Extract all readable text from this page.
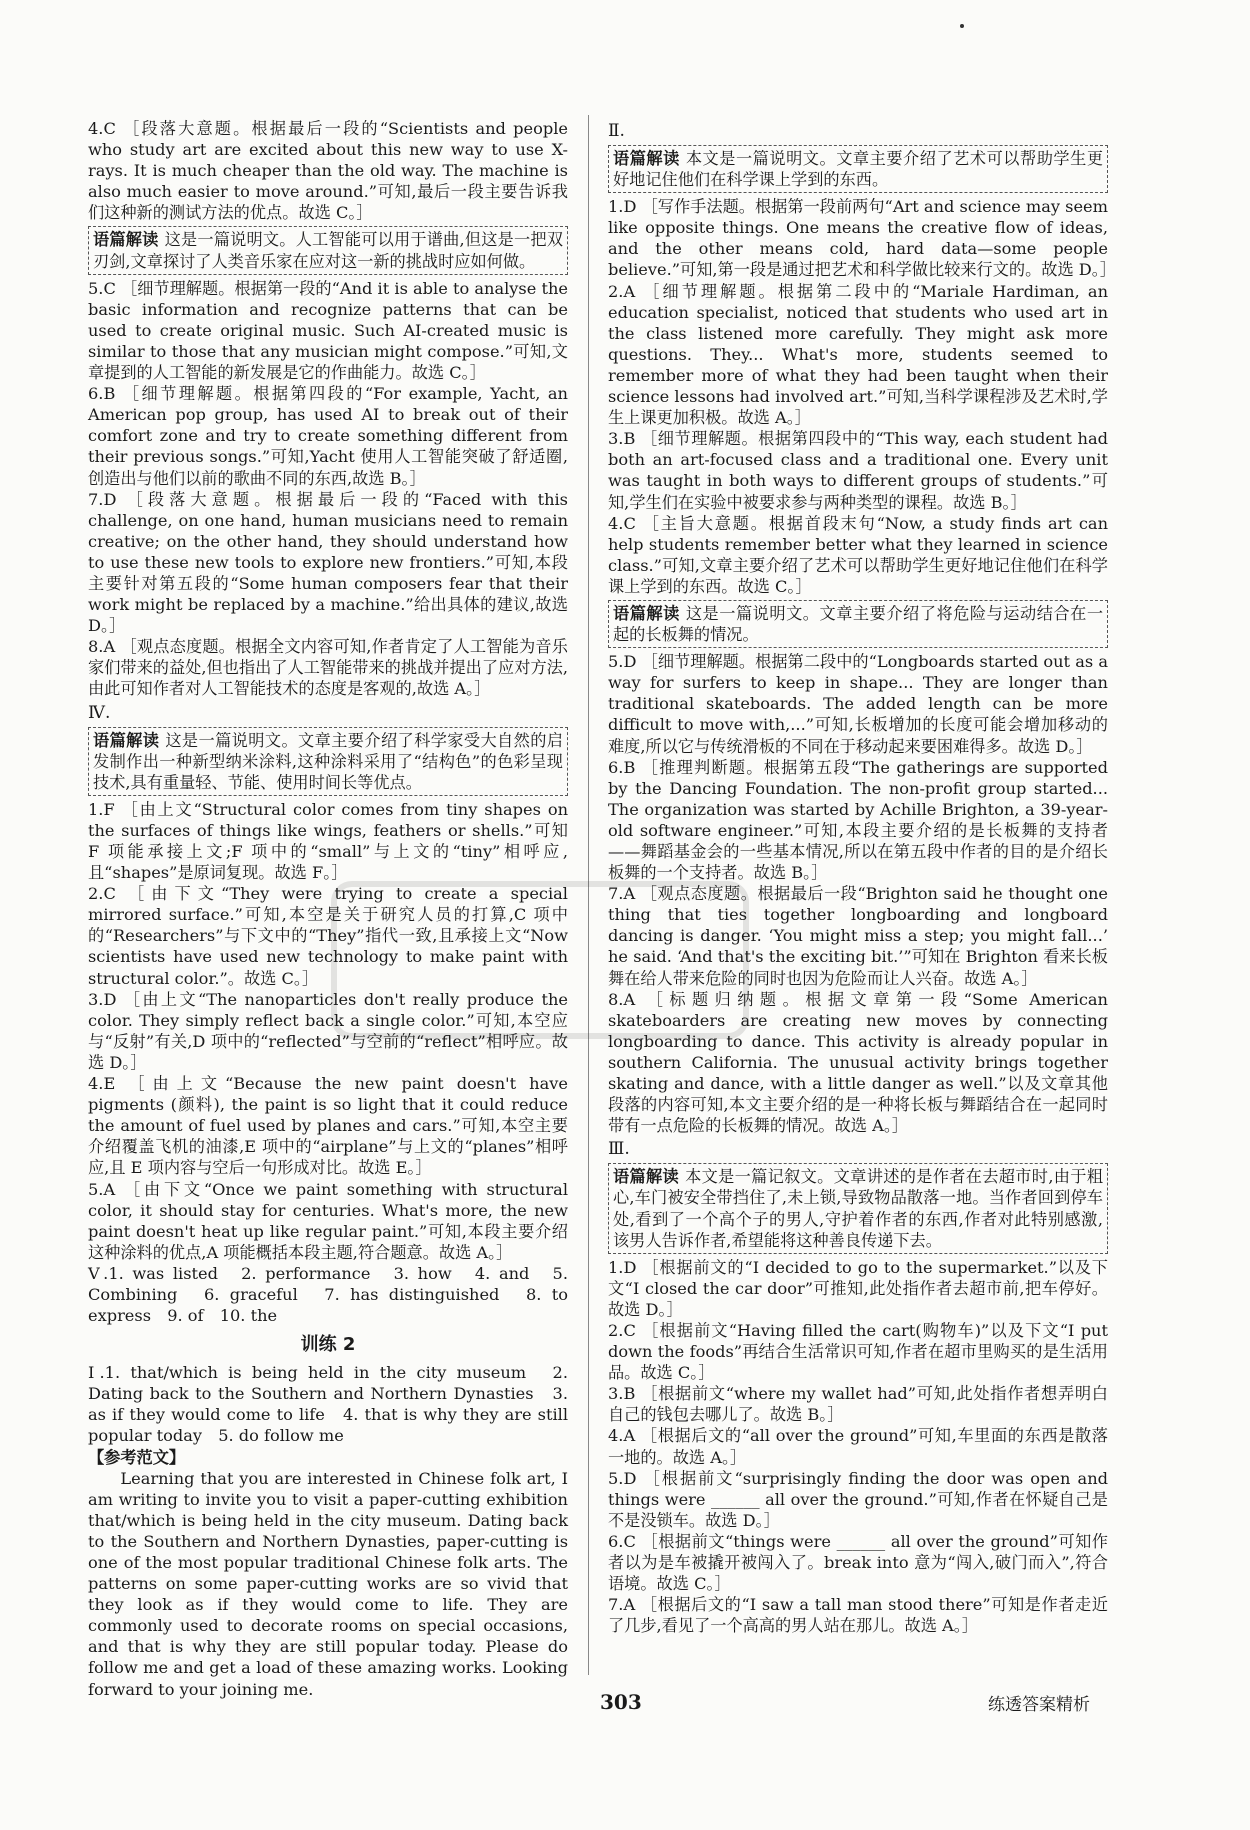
4.C ［段落大意题。根据最后一段的“Scientists and people who study art are excited about this new way to use X-rays. It is much cheaper than the old way. The machine is also much easier to move around.”可知,最后一段主要告诉我们这种新的测试方法的优点。故选 C。］

语篇解读 这是一篇说明文。人工智能可以用于谱曲,但这是一把双刃剑,文章探讨了人类音乐家在应对这一新的挑战时应如何做。

5.C ［细节理解题。根据第一段的“And it is able to analyse the basic information and recognize patterns that can be used to create original music. Such AI-created music is similar to those that any musician might compose.”可知,文章提到的人工智能的新发展是它的作曲能力。故选 C。］

6.B ［细节理解题。根据第四段的“For example, Yacht, an American pop group, has used AI to break out of their comfort zone and try to create something different from their previous songs.”可知,Yacht 使用人工智能突破了舒适圈,创造出与他们以前的歌曲不同的东西,故选 B。］

7.D ［段落大意题。根据最后一段的“Faced with this challenge, on one hand, human musicians need to remain creative; on the other hand, they should understand how to use these new tools to explore new frontiers.”可知,本段主要针对第五段的“Some human composers fear that their work might be replaced by a machine.”给出具体的建议,故选 D。］

8.A ［观点态度题。根据全文内容可知,作者肯定了人工智能为音乐家们带来的益处,但也指出了人工智能带来的挑战并提出了应对方法,由此可知作者对人工智能技术的态度是客观的,故选 A。］

Ⅳ.
语篇解读 这是一篇说明文。文章主要介绍了科学家受大自然的启发制作出一种新型纳米涂料,这种涂料采用了“结构色”的色彩呈现技术,具有重量轻、节能、使用时间长等优点。

1.F ［由上文“Structural color comes from tiny shapes on the surfaces of things like wings, feathers or shells.”可知 F 项能承接上文;F 项中的“small”与上文的“tiny”相呼应,且“shapes”是原词复现。故选 F。］

2.C ［由下文“They were trying to create a special mirrored surface.”可知,本空是关于研究人员的打算,C 项中的“Researchers”与下文中的“They”指代一致,且承接上文“Now scientists have used new technology to make paint with structural color.”。故选 C。］

3.D ［由上文“The nanoparticles don't really produce the color. They simply reflect back a single color.”可知,本空应与“反射”有关,D 项中的“reflected”与空前的“reflect”相呼应。故选 D。］

4.E ［由上文“Because the new paint doesn't have pigments (颜料), the paint is so light that it could reduce the amount of fuel used by planes and cars.”可知,本空主要介绍覆盖飞机的油漆,E 项中的“airplane”与上文的“planes”相呼应,且 E 项内容与空后一句形成对比。故选 E。］

5.A ［由下文“Once we paint something with structural color, it should stay for centuries. What's more, the new paint doesn't heat up like regular paint.”可知,本段主要介绍这种涂料的优点,A 项能概括本段主题,符合题意。故选 A。］

Ⅴ.1. was listed　2. performance　3. how　4. and　5. Combining　6. graceful　7. has distinguished　8. to express　9. of　10. the

训练 2

Ⅰ.1. that/which is being held in the city museum　2. Dating back to the Southern and Northern Dynasties　3. as if they would come to life　4. that is why they are still popular today　5. do follow me

【参考范文】

Learning that you are interested in Chinese folk art, I am writing to invite you to visit a paper-cutting exhibition that/which is being held in the city museum. Dating back to the Southern and Northern Dynasties, paper-cutting is one of the most popular traditional Chinese folk arts. The patterns on some paper-cutting works are so vivid that they look as if they would come to life. They are commonly used to decorate rooms on special occasions, and that is why they are still popular today. Please do follow me and get a load of these amazing works. Looking forward to your joining me.

Ⅱ.
语篇解读 本文是一篇说明文。文章主要介绍了艺术可以帮助学生更好地记住他们在科学课上学到的东西。

1.D ［写作手法题。根据第一段前两句“Art and science may seem like opposite things. One means the creative flow of ideas, and the other means cold, hard data—some people believe.”可知,第一段是通过把艺术和科学做比较来行文的。故选 D。］

2.A ［细节理解题。根据第二段中的“Mariale Hardiman, an education specialist, noticed that students who used art in the class listened more carefully. They might ask more questions. They... What's more, students seemed to remember more of what they had been taught when their science lessons had involved art.”可知,当科学课程涉及艺术时,学生上课更加积极。故选 A。］

3.B ［细节理解题。根据第四段中的“This way, each student had both an art-focused class and a traditional one. Every unit was taught in both ways to different groups of students.”可知,学生们在实验中被要求参与两种类型的课程。故选 B。］

4.C ［主旨大意题。根据首段末句“Now, a study finds art can help students remember better what they learned in science class.”可知,文章主要介绍了艺术可以帮助学生更好地记住他们在科学课上学到的东西。故选 C。］

语篇解读 这是一篇说明文。文章主要介绍了将危险与运动结合在一起的长板舞的情况。

5.D ［细节理解题。根据第二段中的“Longboards started out as a way for surfers to keep in shape... They are longer than traditional skateboards. The added length can be more difficult to move with,...”可知,长板增加的长度可能会增加移动的难度,所以它与传统滑板的不同在于移动起来要困难得多。故选 D。］

6.B ［推理判断题。根据第五段“The gatherings are supported by the Dancing Foundation. The non-profit group started... The organization was started by Achille Brighton, a 39-year-old software engineer.”可知,本段主要介绍的是长板舞的支持者——舞蹈基金会的一些基本情况,所以在第五段中作者的目的是介绍长板舞的一个支持者。故选 B。］

7.A ［观点态度题。根据最后一段“Brighton said he thought one thing that ties together longboarding and longboard dancing is danger. ‘You might miss a step; you might fall...’ he said. ‘And that's the exciting bit.’”可知在 Brighton 看来长板舞在给人带来危险的同时也因为危险而让人兴奋。故选 A。］

8.A ［标题归纳题。根据文章第一段“Some American skateboarders are creating new moves by connecting longboarding to dance. This activity is already popular in southern California. The unusual activity brings together skating and dance, with a little danger as well.”以及文章其他段落的内容可知,本文主要介绍的是一种将长板与舞蹈结合在一起同时带有一点危险的长板舞的情况。故选 A。］

Ⅲ.
语篇解读 本文是一篇记叙文。文章讲述的是作者在去超市时,由于粗心,车门被安全带挡住了,未上锁,导致物品散落一地。当作者回到停车处,看到了一个高个子的男人,守护着作者的东西,作者对此特别感激,该男人告诉作者,希望能将这种善良传递下去。

1.D ［根据前文的“I decided to go to the supermarket.”以及下文“I closed the car door”可推知,此处指作者去超市前,把车停好。故选 D。］

2.C ［根据前文“Having filled the cart(购物车)”以及下文“I put down the foods”再结合生活常识可知,作者在超市里购买的是生活用品。故选 C。］

3.B ［根据前文“where my wallet had”可知,此处指作者想弄明白自己的钱包去哪儿了。故选 B。］

4.A ［根据后文的“all over the ground”可知,车里面的东西是散落一地的。故选 A。］

5.D ［根据前文“surprisingly finding the door was open and things were ______ all over the ground.”可知,作者在怀疑自己是不是没锁车。故选 D。］

6.C ［根据前文“things were ______ all over the ground”可知作者以为是车被撬开被闯入了。break into 意为“闯入,破门而入”,符合语境。故选 C。］

7.A ［根据后文的“I saw a tall man stood there”可知是作者走近了几步,看见了一个高高的男人站在那儿。故选 A。］

303	练透答案精析
